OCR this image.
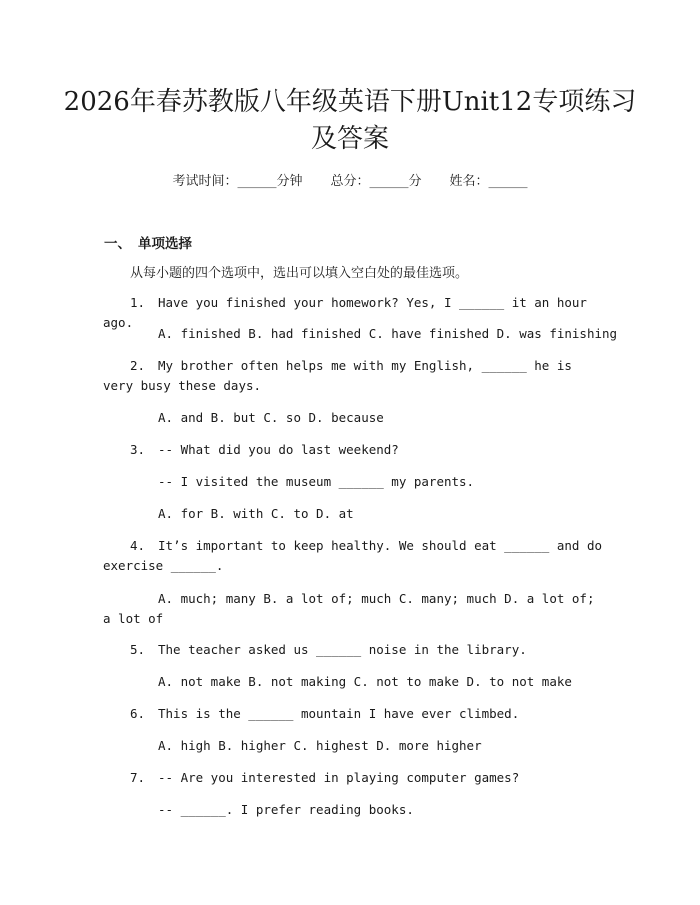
2026年春苏教版八年级英语下册Unit12专项练习及答案
考试时间：______分钟 总分：______分 姓名：______
一、 单项选择
从每小题的四个选项中，选出可以填入空白处的最佳选项。

1. Have you finished your homework? Yes, I ______ it an hour ago.

A. finished B. had finished C. have finished D. was finishing

2. My brother often helps me with my English, ______ he is very busy these days.

A. and B. but C. so D. because

3. -- What did you do last weekend?

-- I visited the museum ______ my parents.

A. for B. with C. to D. at

4. It’s important to keep healthy. We should eat ______ and do exercise ______.

A. much; many B. a lot of; much C. many; much D. a lot of; a lot of

5. The teacher asked us ______ noise in the library.

A. not make B. not making C. not to make D. to not make

6. This is the ______ mountain I have ever climbed.

A. high B. higher C. highest D. more higher

7. -- Are you interested in playing computer games?

-- ______. I prefer reading books.
